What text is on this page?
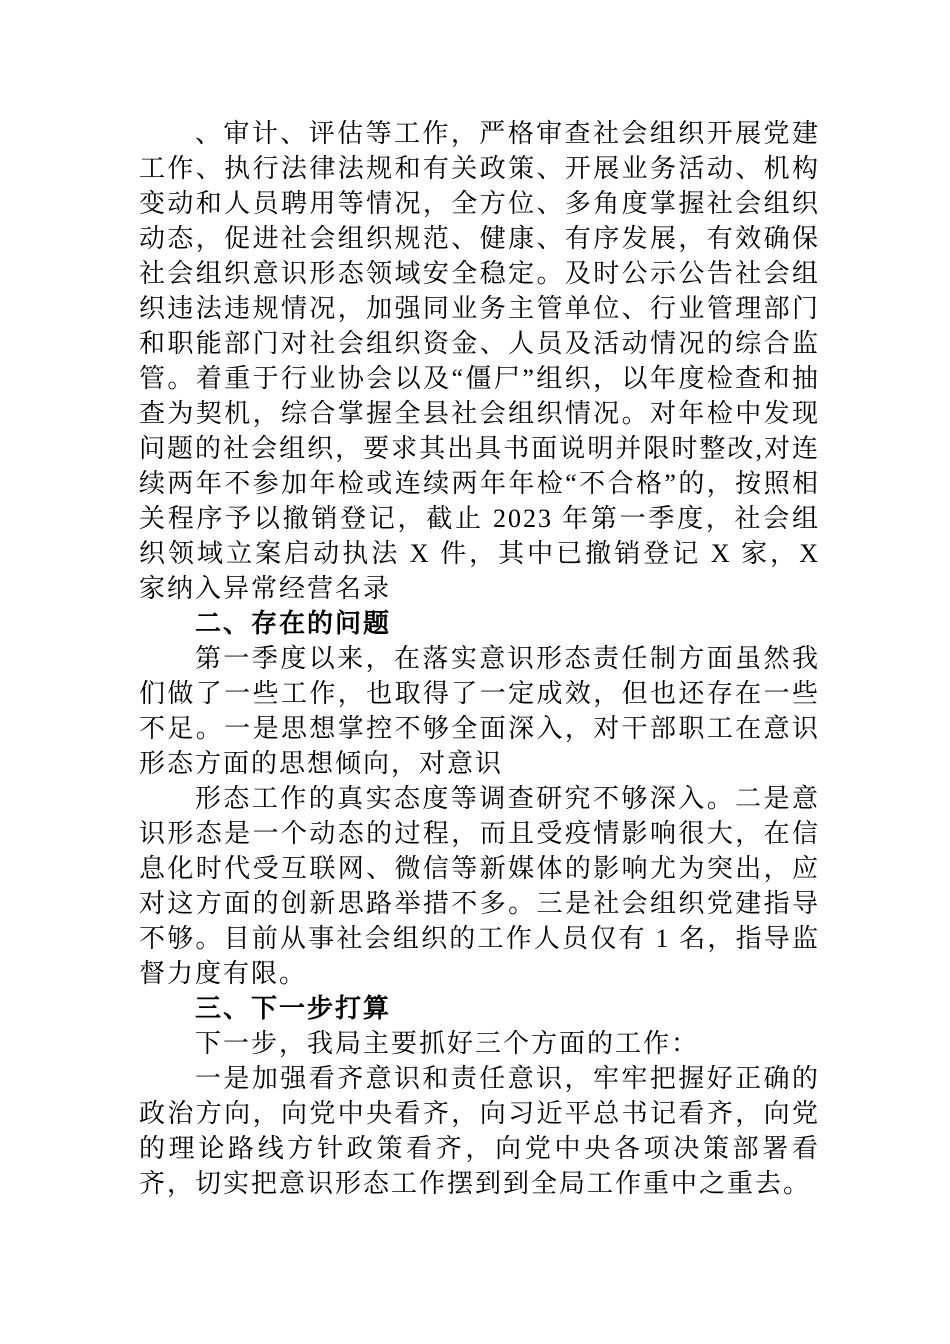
、审计、评估等工作，严格审查社会组织开展党建工作、执行法律法规和有关政策、开展业务活动、机构变动和人员聘用等情况，全方位、多角度掌握社会组织动态，促进社会组织规范、健康、有序发展，有效确保社会组织意识形态领域安全稳定。及时公示公告社会组织违法违规情况，加强同业务主管单位、行业管理部门和职能部门对社会组织资金、人员及活动情况的综合监管。着重于行业协会以及“僵尸”组织，以年度检查和抽查为契机，综合掌握全县社会组织情况。对年检中发现问题的社会组织，要求其出具书面说明并限时整改,对连续两年不参加年检或连续两年年检“不合格”的，按照相关程序予以撤销登记，截止 2023 年第一季度，社会组织领域立案启动执法 X 件，其中已撤销登记 X 家，X 家纳入异常经营名录

二、存在的问题

第一季度以来，在落实意识形态责任制方面虽然我们做了一些工作，也取得了一定成效，但也还存在一些不足。一是思想掌控不够全面深入，对干部职工在意识形态方面的思想倾向，对意识

形态工作的真实态度等调查研究不够深入。二是意识形态是一个动态的过程，而且受疫情影响很大，在信息化时代受互联网、微信等新媒体的影响尤为突出，应对这方面的创新思路举措不多。三是社会组织党建指导不够。目前从事社会组织的工作人员仅有 1 名，指导监督力度有限。

三、下一步打算

下一步，我局主要抓好三个方面的工作：

一是加强看齐意识和责任意识，牢牢把握好正确的政治方向，向党中央看齐，向习近平总书记看齐，向党的理论路线方针政策看齐，向党中央各项决策部署看齐，切实把意识形态工作摆到到全局工作重中之重去。
